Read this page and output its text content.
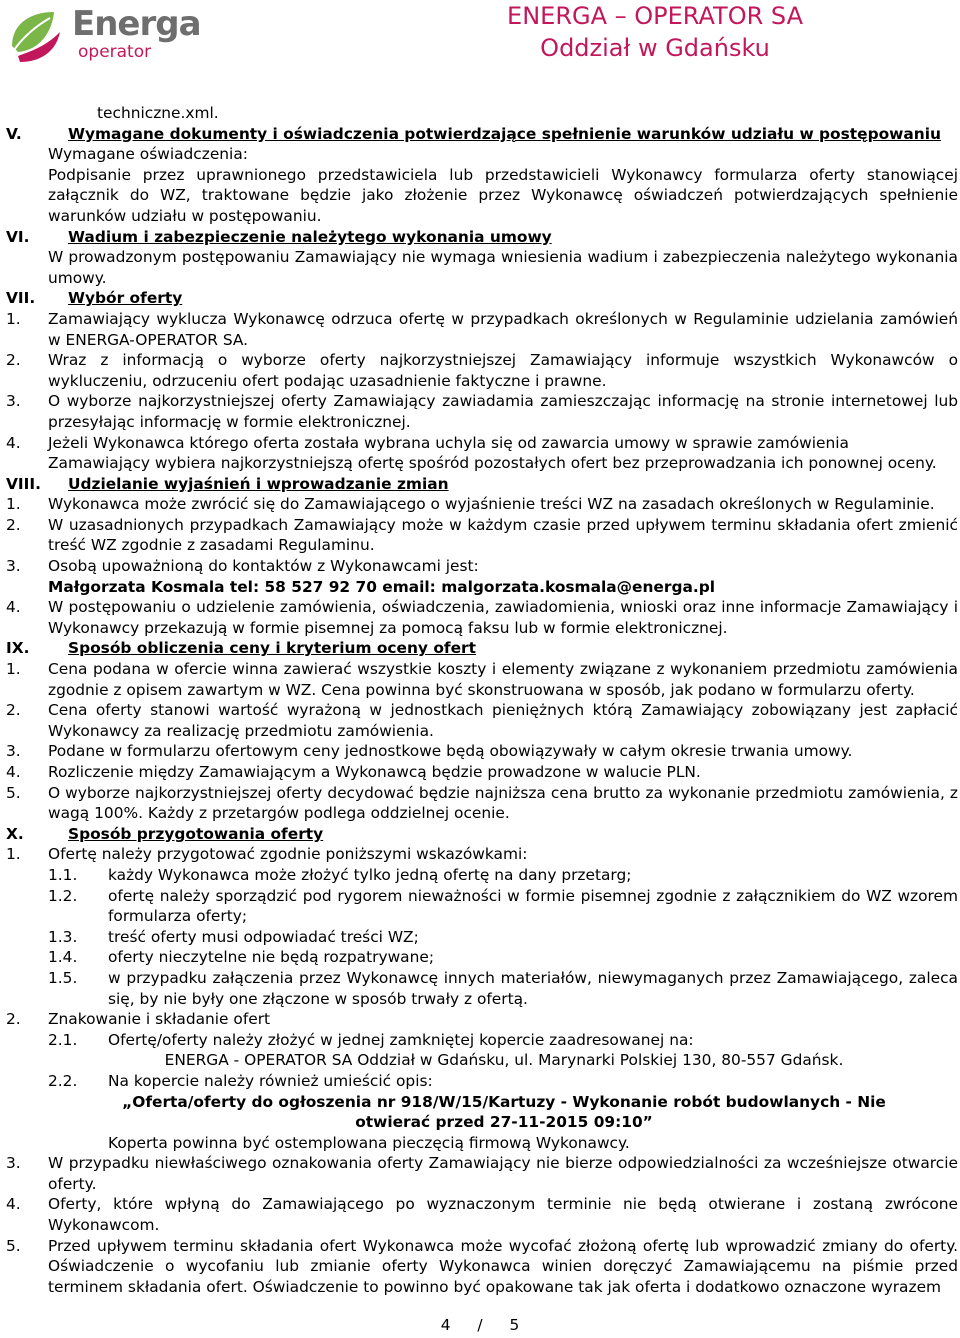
Energa
operator
ENERGA – OPERATOR SA
Oddział w Gdańsku
techniczne.xml.
V.	Wymagane dokumenty i oświadczenia potwierdzające spełnienie warunków udziału w postępowaniu
Wymagane oświadczenia:
Podpisanie przez uprawnionego przedstawiciela lub przedstawicieli Wykonawcy formularza oferty stanowiącej załącznik do WZ, traktowane będzie jako złożenie przez Wykonawcę oświadczeń potwierdzających spełnienie warunków udziału w postępowaniu.
VI.	Wadium i zabezpieczenie należytego wykonania umowy
W prowadzonym postępowaniu Zamawiający nie wymaga wniesienia wadium i zabezpieczenia należytego wykonania umowy.
VII. Wybór oferty
1. Zamawiający wyklucza Wykonawcę odrzuca ofertę w przypadkach określonych w Regulaminie udzielania zamówień w ENERGA-OPERATOR SA.
2. Wraz z informacją o wyborze oferty najkorzystniejszej Zamawiający informuje wszystkich Wykonawców o wykluczeniu, odrzuceniu ofert podając uzasadnienie faktyczne i prawne.
3. O wyborze najkorzystniejszej oferty Zamawiający zawiadamia zamieszczając informację na stronie internetowej lub przesyłając informację w formie elektronicznej.
4. Jeżeli Wykonawca którego oferta została wybrana uchyla się od zawarcia umowy w sprawie zamówienia
Zamawiający wybiera najkorzystniejszą ofertę spośród pozostałych ofert bez przeprowadzania ich ponownej oceny.
VIII. Udzielanie wyjaśnień i wprowadzanie zmian
1. Wykonawca może zwrócić się do Zamawiającego o wyjaśnienie treści WZ na zasadach określonych w Regulaminie.
2. W uzasadnionych przypadkach Zamawiający może w każdym czasie przed upływem terminu składania ofert zmienić treść WZ zgodnie z zasadami Regulaminu.
3. Osobą upoważnioną do kontaktów z Wykonawcami jest:
Małgorzata Kosmala tel: 58 527 92 70 email: malgorzata.kosmala@energa.pl
4. W postępowaniu o udzielenie zamówienia, oświadczenia, zawiadomienia, wnioski oraz inne informacje Zamawiający i Wykonawcy przekazują w formie pisemnej za pomocą faksu lub w formie elektronicznej.
IX.	Sposób obliczenia ceny i kryterium oceny ofert
1. Cena podana w ofercie winna zawierać wszystkie koszty i elementy związane z wykonaniem przedmiotu zamówienia zgodnie z opisem zawartym w WZ. Cena powinna być skonstruowana w sposób, jak podano w formularzu oferty.
2. Cena oferty stanowi wartość wyrażoną w jednostkach pieniężnych którą Zamawiający zobowiązany jest zapłacić Wykonawcy za realizację przedmiotu zamówienia.
3. Podane w formularzu ofertowym ceny jednostkowe będą obowiązywały w całym okresie trwania umowy.
4. Rozliczenie między Zamawiającym a Wykonawcą będzie prowadzone w walucie PLN.
5. O wyborze najkorzystniejszej oferty decydować będzie najniższa cena brutto za wykonanie przedmiotu zamówienia, z wagą 100%. Każdy z przetargów podlega oddzielnej ocenie.
X.	Sposób przygotowania oferty
1. Ofertę należy przygotować zgodnie poniższymi wskazówkami:
1.1. każdy Wykonawca może złożyć tylko jedną ofertę na dany przetarg;
1.2. ofertę należy sporządzić pod rygorem nieważności w formie pisemnej zgodnie z załącznikiem do WZ wzorem formularza oferty;
1.3. treść oferty musi odpowiadać treści WZ;
1.4. oferty nieczytelne nie będą rozpatrywane;
1.5. w przypadku załączenia przez Wykonawcę innych materiałów, niewymaganych przez Zamawiającego, zaleca się, by nie były one złączone w sposób trwały z ofertą.
2. Znakowanie i składanie ofert
2.1. Ofertę/oferty należy złożyć w jednej zamkniętej kopercie zaadresowanej na:
ENERGA - OPERATOR SA Oddział w Gdańsku, ul. Marynarki Polskiej 130, 80-557 Gdańsk.
2.2. Na kopercie należy również umieścić opis:
„Oferta/oferty do ogłoszenia nr 918/W/15/Kartuzy - Wykonanie robót budowlanych - Nie
otwierać przed 27-11-2015 09:10”
Koperta powinna być ostemplowana pieczęcią firmową Wykonawcy.
3. W przypadku niewłaściwego oznakowania oferty Zamawiający nie bierze odpowiedzialności za wcześniejsze otwarcie oferty.
4. Oferty, które wpłyną do Zamawiającego po wyznaczonym terminie nie będą otwierane i zostaną zwrócone Wykonawcom.
5. Przed upływem terminu składania ofert Wykonawca może wycofać złożoną ofertę lub wprowadzić zmiany do oferty. Oświadczenie o wycofaniu lub zmianie oferty Wykonawca winien doręczyć Zamawiającemu na piśmie przed terminem składania ofert. Oświadczenie to powinno być opakowane tak jak oferta i dodatkowo oznaczone wyrazem
4 / 5
